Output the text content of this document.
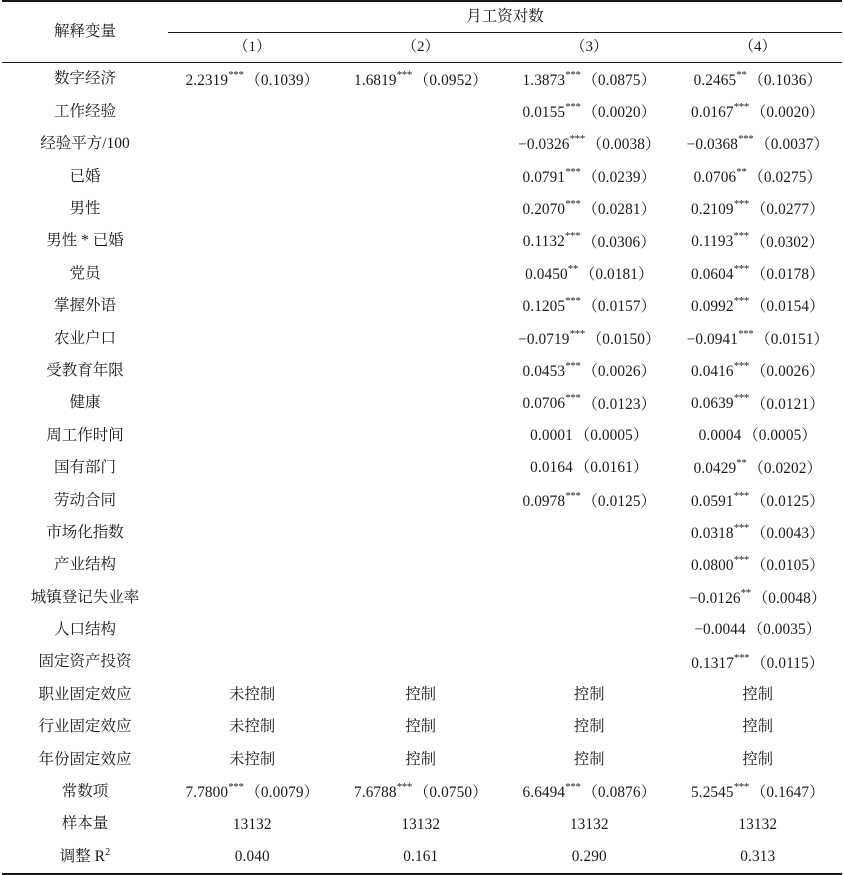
解释变量	月工资对数			
	（1）	（2）	（3）	（4）

数字经济	2.2319*** （0.1039）	1.6819*** （0.0952）	1.3873*** （0.0875）	0.2465** （0.1036）
工作经验			0.0155*** （0.0020）	0.0167*** （0.0020）
经验平方/100			−0.0326*** （0.0038）	−0.0368*** （0.0037）
已婚			0.0791*** （0.0239）	0.0706** （0.0275）
男性			0.2070*** （0.0281）	0.2109*** （0.0277）
男性 * 已婚			0.1132*** （0.0306）	0.1193*** （0.0302）
党员			0.0450** （0.0181）	0.0604*** （0.0178）
掌握外语			0.1205*** （0.0157）	0.0992*** （0.0154）
农业户口			−0.0719*** （0.0150）	−0.0941*** （0.0151）
受教育年限			0.0453*** （0.0026）	0.0416*** （0.0026）
健康			0.0706*** （0.0123）	0.0639*** （0.0121）
周工作时间			0.0001 （0.0005）	0.0004 （0.0005）
国有部门			0.0164 （0.0161）	0.0429** （0.0202）
劳动合同			0.0978*** （0.0125）	0.0591*** （0.0125）
市场化指数				0.0318*** （0.0043）
产业结构				0.0800*** （0.0105）
城镇登记失业率				−0.0126** （0.0048）
人口结构				−0.0044 （0.0035）
固定资产投资				0.1317*** （0.0115）
职业固定效应	未控制	控制	控制	控制
行业固定效应	未控制	控制	控制	控制
年份固定效应	未控制	控制	控制	控制
常数项	7.7800*** （0.0079）	7.6788*** （0.0750）	6.6494*** （0.0876）	5.2545*** （0.1647）
样本量	13132	13132	13132	13132
调整 $R^2$	0.040	0.161	0.290	0.313
